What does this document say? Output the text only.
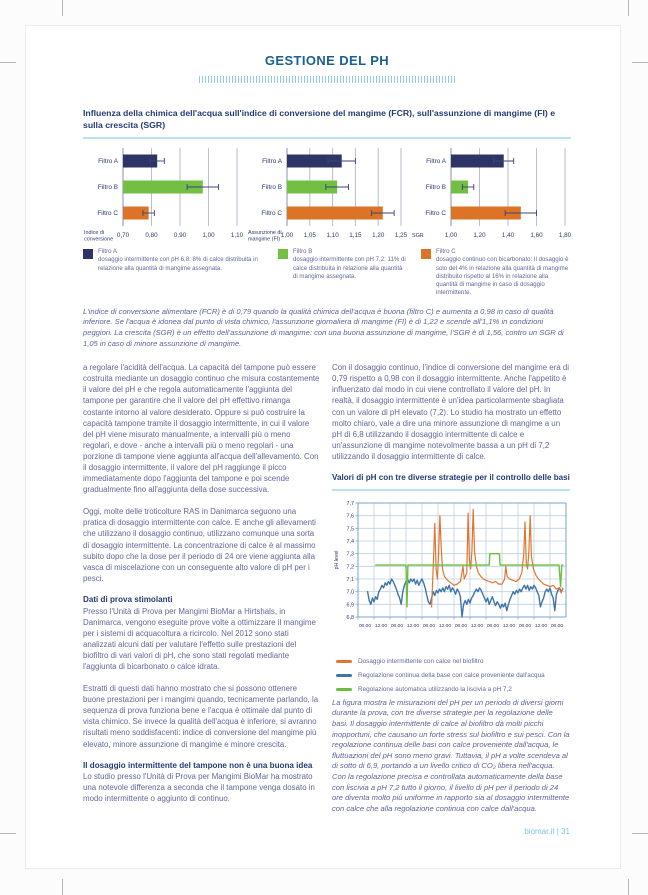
GESTIONE DEL PH
Influenza della chimica dell'acqua sull'indice di conversione del mangime (FCR), sull'assunzione di mangime (FI) e sulla crescita (SGR)
0,70	0,80	0,90	1,00	1,10
Filtro A
Filtro B
Filtro C
Indice di
conversione
1,00 1,05 1,10 1,15 1,20 1,25
Filtro A
Filtro B
Filtro C
Assunzione di
mangime (FI)
1,00	1,20	1,40	1,60	1,80
Filtro A
Filtro B
Filtro C
SGR
Filtro A
dosaggio intermittente con pH 6,8: 8% di calce distribuita in relazione alla quantità di mangime assegnata.
Filtro B
dosaggio intermittente con pH 7,2: 11% di calce distribuita in relazione alla quantità di mangime assegnata.
Filtro C
dosaggio continuo con bicarbonato: Il dosaggio è solo del 4% in relazione alla quantità di mangime distribuito rispetto al 16% in relazione alla quantità di mangime in caso di dosaggio intermittente.

L'indice di conversione alimentare (FCR) è di 0,79 quando la qualità chimica dell'acqua è buona (filtro C) e aumenta a 0,98 in caso di qualità inferiore. Se l'acqua è idonea dal punto di vista chimico, l'assunzione giornaliera di mangime (FI) è di 1,22 e scende all'1,1% in condizioni peggiori. La crescita (SGR) è un effetto dell'assunzione di mangime: con una buona assunzione di mangime, l'SGR è di 1,56, contro un SGR di 1,05 in caso di minore assunzione di mangime.

a regolare l'acidità dell'acqua. La capacità del tampone può essere costruita mediante un dosaggio continuo che misura costantemente il valore del pH e che regola automaticamente l'aggiunta del tampone per garantire che il valore del pH effettivo rimanga costante intorno al valore desiderato. Oppure si può costruire la capacità tampone tramite il dosaggio intermittente, in cui il valore del pH viene misurato manualmente, a intervalli più o meno regolari, e dove - anche a intervalli più o meno regolari - una porzione di tampone viene aggiunta all'acqua dell'allevamento. Con il dosaggio intermittente, il valore del pH raggiunge il picco immediatamente dopo l'aggiunta del tampone e poi scende gradualmente fino all'aggiunta della dose successiva.

Oggi, molte delle troticolture RAS in Danimarca seguono una pratica di dosaggio intermittente con calce. E anche gli allevamenti che utilizzano il dosaggio continuo, utilizzano comunque una sorta di dosaggio intermittente. La concentrazione di calce è al massimo subito dopo che la dose per il periodo di 24 ore viene aggiunta alla vasca di miscelazione con un conseguente alto valore di pH per i pesci.

Dati di prova stimolanti

Presso l'Unità di Prova per Mangimi BioMar a Hirtshals, in Danimarca, vengono eseguite prove volte a ottimizzare il mangime per i sistemi di acquacoltura a ricircolo. Nel 2012 sono stati analizzati alcuni dati per valutare l'effetto sulle prestazioni del biofiltro di vari valori di pH, che sono stati regolati mediante l'aggiunta di bicarbonato o calce idrata.

Estratti di questi dati hanno mostrato che si possono ottenere buone prestazioni per i mangimi quando, tecnicamente parlando, la sequenza di prova funziona bene e l'acqua è ottimale dal punto di vista chimico. Se invece la qualità dell'acqua è inferiore, si avranno risultati meno soddisfacenti: indice di conversione del mangime più elevato, minore assunzione di mangime e minore crescita.

Il dosaggio intermittente del tampone non è una buona idea

Lo studio presso l'Unità di Prova per Mangimi BioMar ha mostrato una notevole differenza a seconda che il tampone venga dosato in modo intermittente o aggiunto di continuo.

Con il dosaggio continuo, l'indice di conversione del mangime era di 0,79 rispetto a 0,98 con il dosaggio intermittente. Anche l'appetito è influenzato dal modo in cui viene controllato il valore del pH. In realtà, il dosaggio intermittente è un'idea particolarmente sbagliata con un valore di pH elevato (7,2). Lo studio ha mostrato un effetto molto chiaro, vale a dire una minore assunzione di mangime a un pH di 6,8 utilizzando il dosaggio intermittente di calce e un'assunzione di mangime notevolmente bassa a un pH di 7,2 utilizzando il dosaggio intermittente di calce.

Valori di pH con tre diverse strategie per il controllo delle basi
6,8
6,9
7,0
7,1
7,2
7,3
7,4
7,5
7,6
7,7
00.00 12.00 00.00 12.00 00.00 12.00 00.00 12.00 00.00 12.00 00.00 12.00 00.00
pH level
Dosaggio intermittente con calce nel biofiltro
Regolazione continua della base con calce proveniente dall'acqua
Regolazione automatica utilizzando la liscivia a pH 7,2

La figura mostra le misurazioni del pH per un periodo di diversi giorni durante la prova, con tre diverse strategie per la regolazione delle basi. Il dosaggio intermittente di calce al biofiltro dà molti picchi inopportuni, che causano un forte stress sul biofiltro e sui pesci. Con la regolazione continua delle basi con calce proveniente dall'acqua, le fluttuazioni del pH sono meno gravi. Tuttavia, il pH a volte scendeva al di sotto di 6,9, portando a un livello critico di CO₂ libera nell'acqua. Con la regolazione precisa e controllata automaticamente della base con liscivia a pH 7,2 tutto il giorno, il livello di pH per il periodo di 24 ore diventa molto più uniforme in rapporto sia al dosaggio intermittente con calce che alla regolazione continua con calce dall'acqua.

biomar.it | 31
